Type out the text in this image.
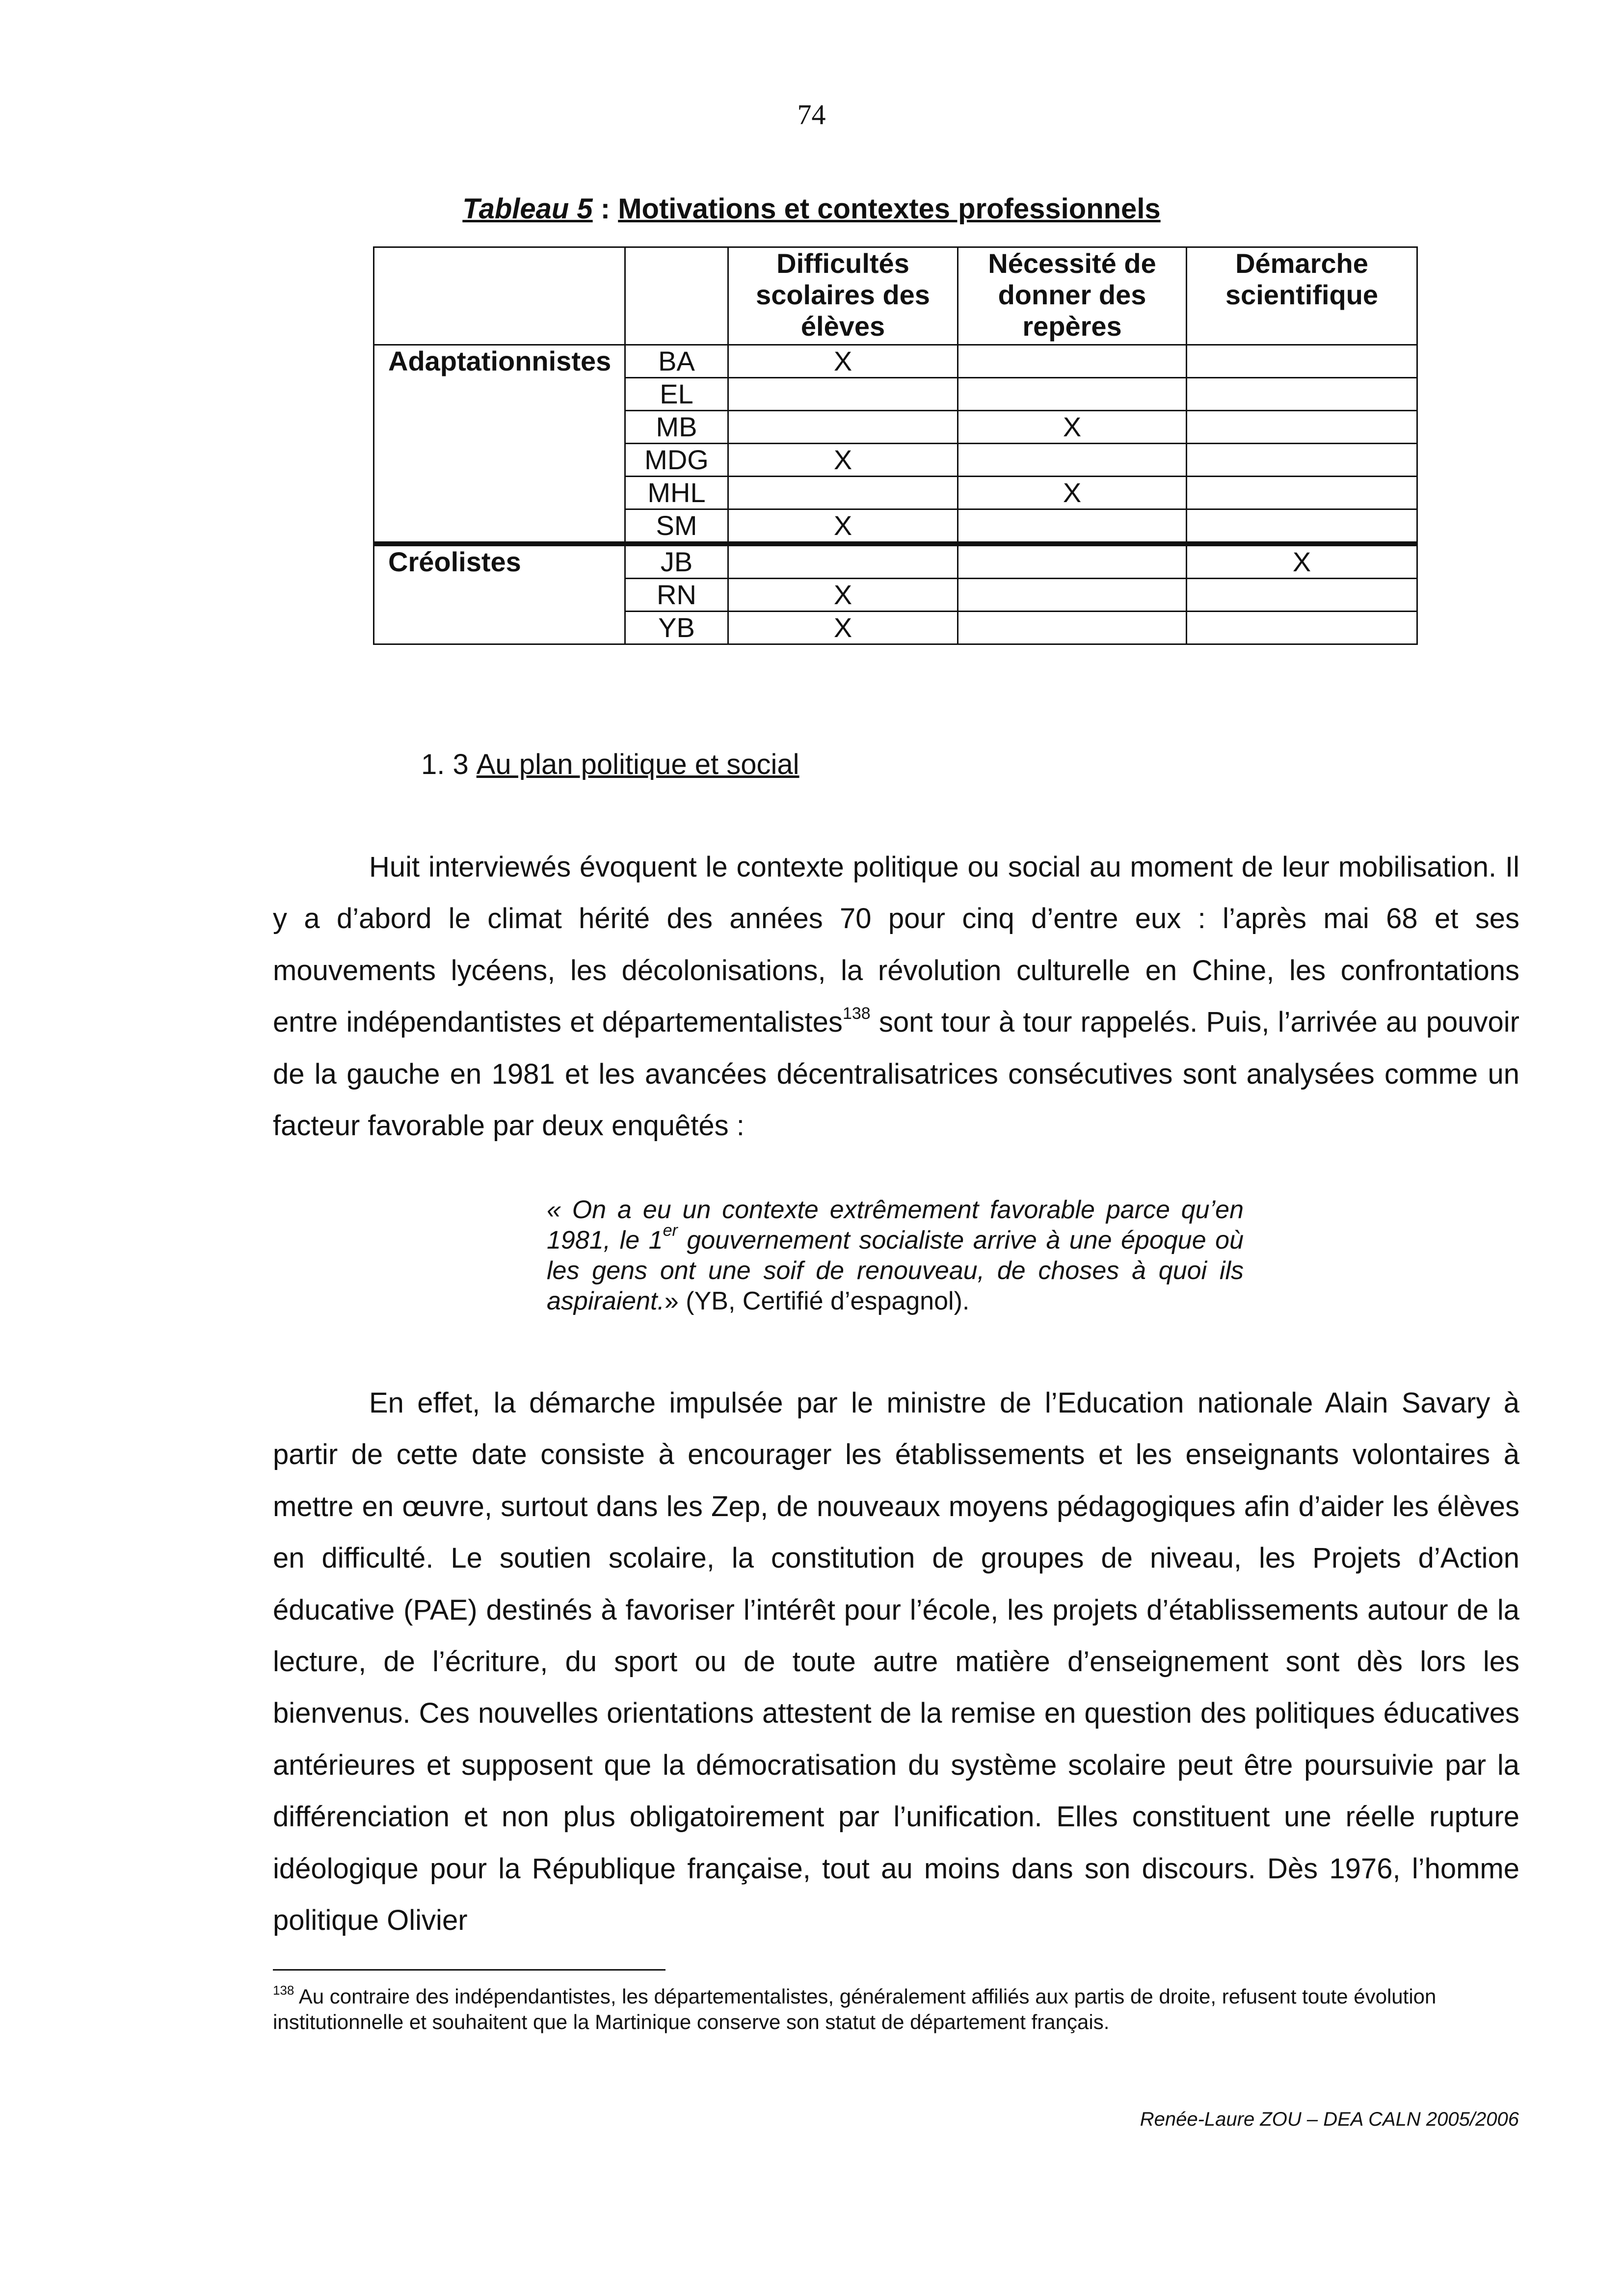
74
Tableau 5 : Motivations et contextes professionnels
		Difficultés scolaires des élèves	Nécessité de donner des repères	Démarche scientifique
Adaptationnistes	BA	X		
	EL			
	MB		X	
	MDG	X		
	MHL		X	
	SM	X		
Créolistes	JB			X
	RN	X		
	YB	X		
1. 3 Au plan politique et social

Huit interviewés évoquent le contexte politique ou social au moment de leur mobilisation. Il y a d’abord le climat hérité des années 70 pour cinq d’entre eux : l’après mai 68 et ses mouvements lycéens, les décolonisations, la révolution culturelle en Chine, les confrontations entre indépendantistes et départementalistes$^{138}$ sont tour à tour rappelés. Puis, l’arrivée au pouvoir de la gauche en 1981 et les avancées décentralisatrices consécutives sont analysées comme un facteur favorable par deux enquêtés :

« On a eu un contexte extrêmement favorable parce qu’en 1981, le 1er gouvernement socialiste arrive à une époque où les gens ont une soif de renouveau, de choses à quoi ils aspiraient.» (YB, Certifié d’espagnol).

En effet, la démarche impulsée par le ministre de l’Education nationale Alain Savary à partir de cette date consiste à encourager les établissements et les enseignants volontaires à mettre en œuvre, surtout dans les Zep, de nouveaux moyens pédagogiques afin d’aider les élèves en difficulté. Le soutien scolaire, la constitution de groupes de niveau, les Projets d’Action éducative (PAE) destinés à favoriser l’intérêt pour l’école, les projets d’établissements autour de la lecture, de l’écriture, du sport ou de toute autre matière d’enseignement sont dès lors les bienvenus. Ces nouvelles orientations attestent de la remise en question des politiques éducatives antérieures et supposent que la démocratisation du système scolaire peut être poursuivie par la différenciation et non plus obligatoirement par l’unification. Elles constituent une réelle rupture idéologique pour la République française, tout au moins dans son discours. Dès 1976, l’homme politique Olivier

$^{138}$ Au contraire des indépendantistes, les départementalistes, généralement affiliés aux partis de droite, refusent toute évolution institutionnelle et souhaitent que la Martinique conserve son statut de département français.

Renée-Laure ZOU – DEA CALN 2005/2006
